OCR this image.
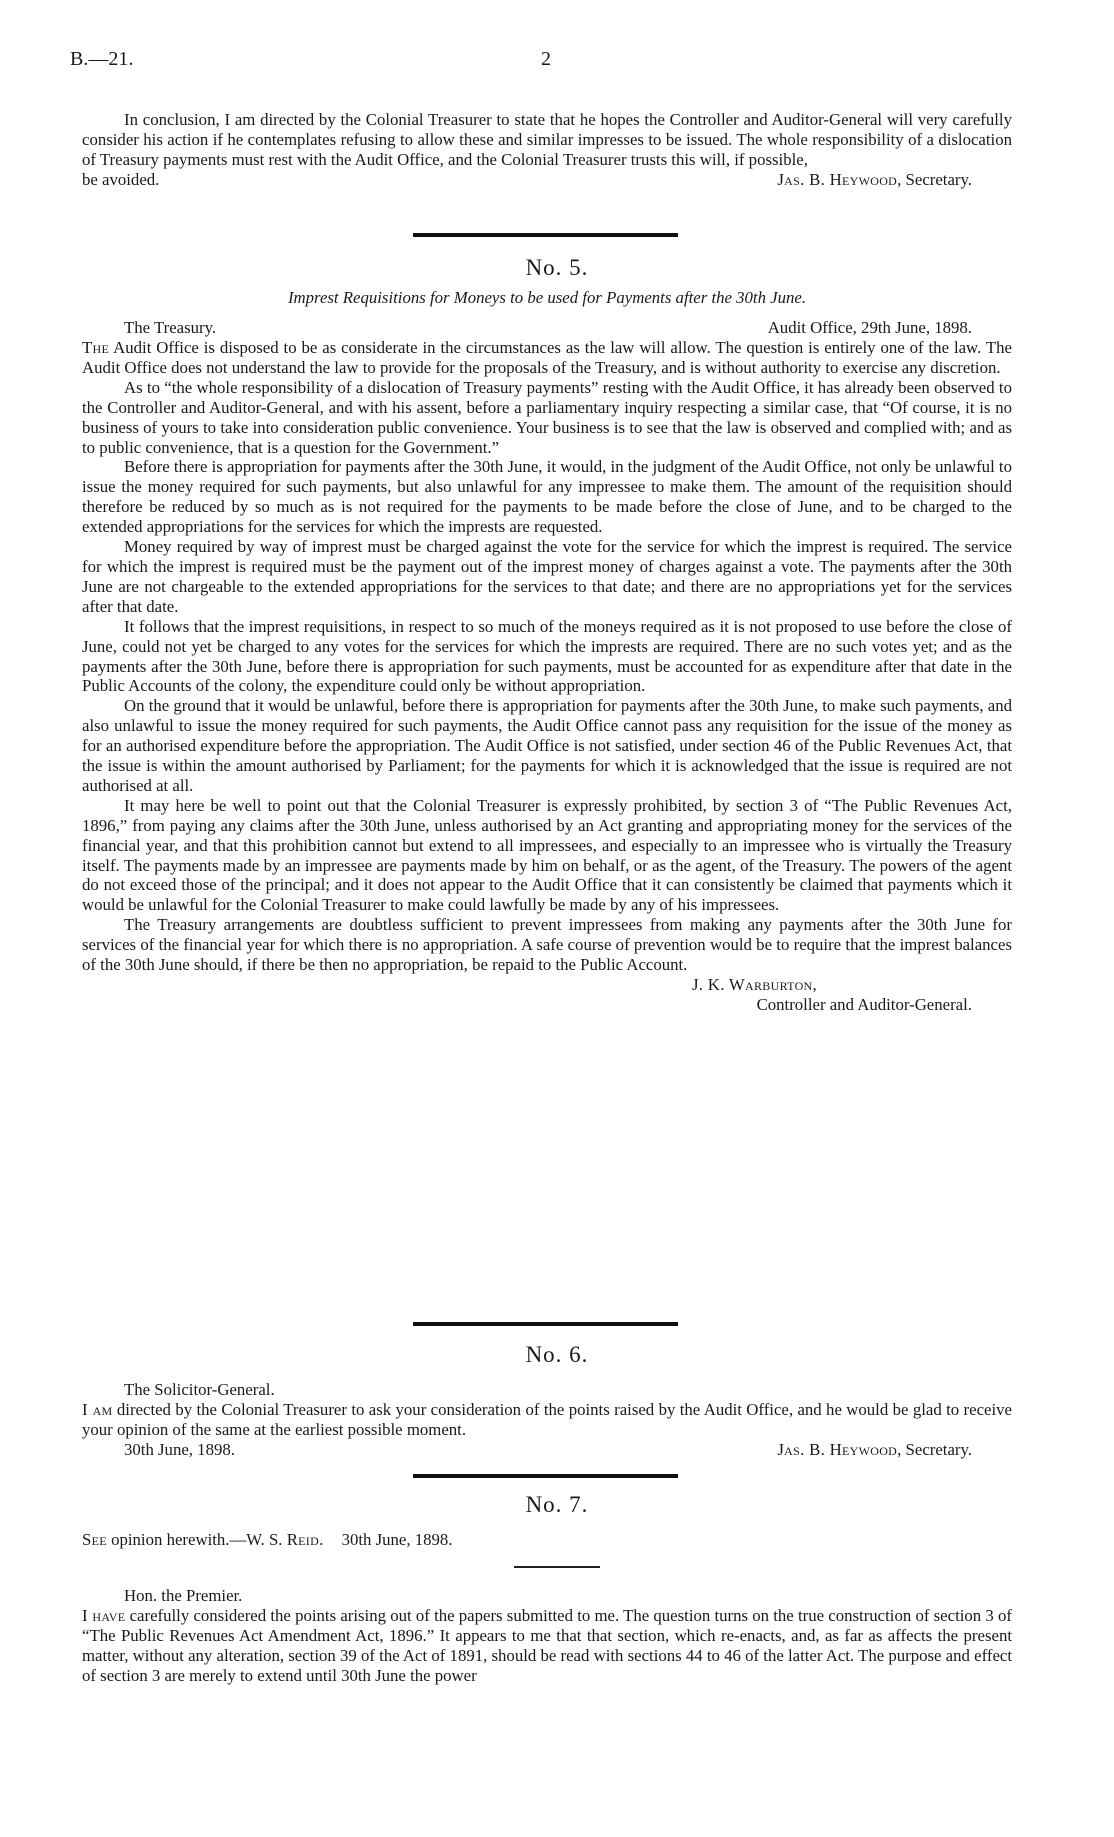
B.—21.	2

In conclusion, I am directed by the Colonial Treasurer to state that he hopes the Controller and Auditor-General will very carefully consider his action if he contemplates refusing to allow these and similar impresses to be issued. The whole responsibility of a dislocation of Treasury payments must rest with the Audit Office, and the Colonial Treasurer trusts this will, if possible,

be avoided.	Jas. B. Heywood, Secretary.
No. 5.
Imprest Requisitions for Moneys to be used for Payments after the 30th June.
The Treasury.	Audit Office, 29th June, 1898.

The Audit Office is disposed to be as considerate in the circumstances as the law will allow. The question is entirely one of the law. The Audit Office does not understand the law to provide for the proposals of the Treasury, and is without authority to exercise any discretion.

As to “the whole responsibility of a dislocation of Treasury payments” resting with the Audit Office, it has already been observed to the Controller and Auditor-General, and with his assent, before a parliamentary inquiry respecting a similar case, that “Of course, it is no business of yours to take into consideration public convenience. Your business is to see that the law is observed and complied with; and as to public convenience, that is a question for the Government.”

Before there is appropriation for payments after the 30th June, it would, in the judgment of the Audit Office, not only be unlawful to issue the money required for such payments, but also unlawful for any impressee to make them. The amount of the requisition should therefore be reduced by so much as is not required for the payments to be made before the close of June, and to be charged to the extended appropriations for the services for which the imprests are requested.

Money required by way of imprest must be charged against the vote for the service for which the imprest is required. The service for which the imprest is required must be the payment out of the imprest money of charges against a vote. The payments after the 30th June are not chargeable to the extended appropriations for the services to that date; and there are no appropriations yet for the services after that date.

It follows that the imprest requisitions, in respect to so much of the moneys required as it is not proposed to use before the close of June, could not yet be charged to any votes for the services for which the imprests are required. There are no such votes yet; and as the payments after the 30th June, before there is appropriation for such payments, must be accounted for as expenditure after that date in the Public Accounts of the colony, the expenditure could only be without appropriation.

On the ground that it would be unlawful, before there is appropriation for payments after the 30th June, to make such payments, and also unlawful to issue the money required for such payments, the Audit Office cannot pass any requisition for the issue of the money as for an authorised expenditure before the appropriation. The Audit Office is not satisfied, under section 46 of the Public Revenues Act, that the issue is within the amount authorised by Parliament; for the payments for which it is acknowledged that the issue is required are not authorised at all.

It may here be well to point out that the Colonial Treasurer is expressly prohibited, by section 3 of “The Public Revenues Act, 1896,” from paying any claims after the 30th June, unless authorised by an Act granting and appropriating money for the services of the financial year, and that this prohibition cannot but extend to all impressees, and especially to an impressee who is virtually the Treasury itself. The payments made by an impressee are payments made by him on behalf, or as the agent, of the Treasury. The powers of the agent do not exceed those of the principal; and it does not appear to the Audit Office that it can consistently be claimed that payments which it would be unlawful for the Colonial Treasurer to make could lawfully be made by any of his impressees.

The Treasury arrangements are doubtless sufficient to prevent impressees from making any payments after the 30th June for services of the financial year for which there is no appropriation. A safe course of prevention would be to require that the imprest balances of the 30th June should, if there be then no appropriation, be repaid to the Public Account.

J. K. Warburton,
Controller and Auditor-General.
No. 6.
The Solicitor-General.

I am directed by the Colonial Treasurer to ask your consideration of the points raised by the Audit Office, and he would be glad to receive your opinion of the same at the earliest possible moment.

30th June, 1898.	Jas. B. Heywood, Secretary.
No. 7.
See opinion herewith.—W. S. Reid. 30th June, 1898.
Hon. the Premier.

I have carefully considered the points arising out of the papers submitted to me. The question turns on the true construction of section 3 of “The Public Revenues Act Amendment Act, 1896.” It appears to me that that section, which re-enacts, and, as far as affects the present matter, without any alteration, section 39 of the Act of 1891, should be read with sections 44 to 46 of the latter Act. The purpose and effect of section 3 are merely to extend until 30th June the power
